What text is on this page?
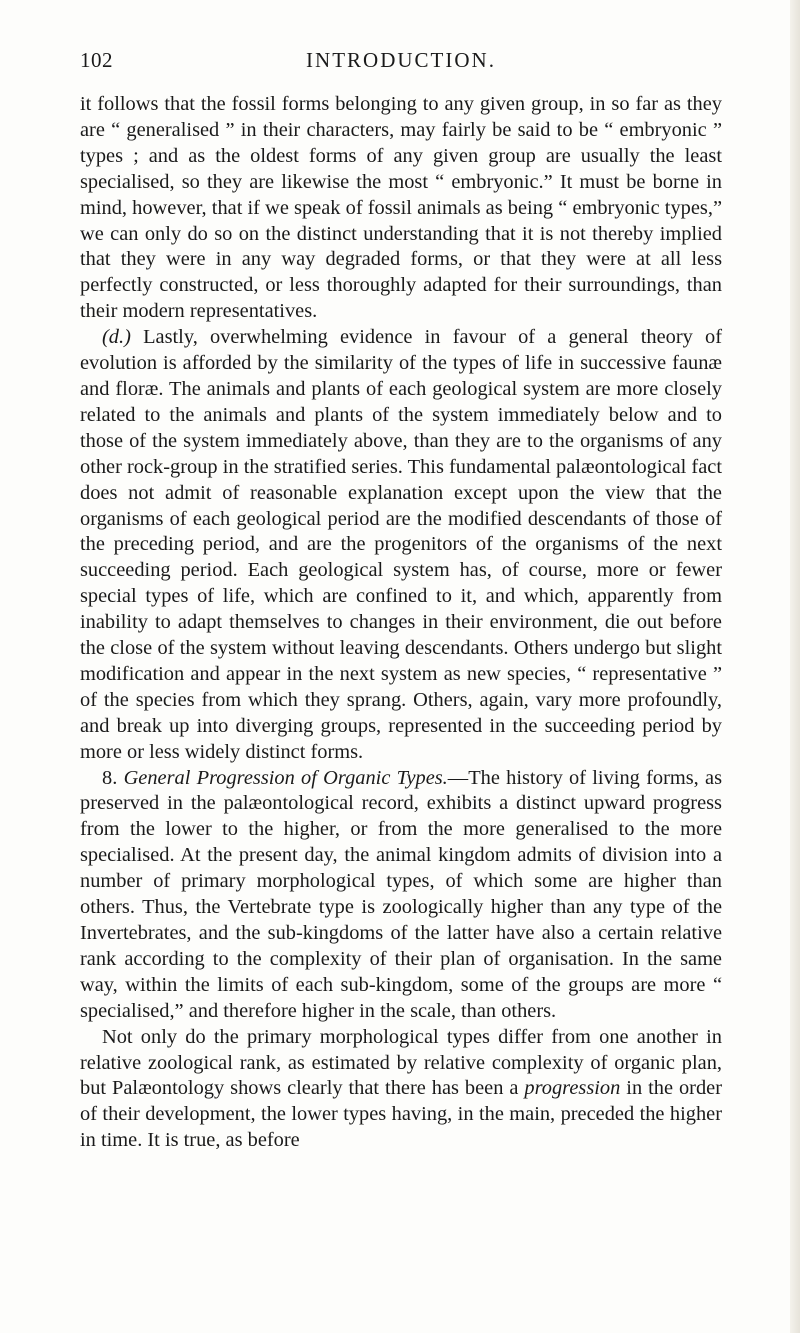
102	INTRODUCTION.

it follows that the fossil forms belonging to any given group, in so far as they are “ generalised ” in their characters, may fairly be said to be “ embryonic ” types ; and as the oldest forms of any given group are usually the least specialised, so they are likewise the most “ embryonic.” It must be borne in mind, however, that if we speak of fossil animals as being “ embryonic types,” we can only do so on the distinct understanding that it is not thereby implied that they were in any way degraded forms, or that they were at all less perfectly constructed, or less thoroughly adapted for their surroundings, than their modern representatives.

(d.) Lastly, overwhelming evidence in favour of a general theory of evolution is afforded by the similarity of the types of life in successive faunæ and floræ. The animals and plants of each geological system are more closely related to the animals and plants of the system immediately below and to those of the system immediately above, than they are to the organisms of any other rock-group in the stratified series. This fundamental palæontological fact does not admit of reasonable explanation except upon the view that the organisms of each geological period are the modified descendants of those of the preceding period, and are the progenitors of the organisms of the next succeeding period. Each geological system has, of course, more or fewer special types of life, which are confined to it, and which, apparently from inability to adapt themselves to changes in their environment, die out before the close of the system without leaving descendants. Others undergo but slight modification and appear in the next system as new species, “ representative ” of the species from which they sprang. Others, again, vary more profoundly, and break up into diverging groups, represented in the succeeding period by more or less widely distinct forms.

8. General Progression of Organic Types.—The history of living forms, as preserved in the palæontological record, exhibits a distinct upward progress from the lower to the higher, or from the more generalised to the more specialised. At the present day, the animal kingdom admits of division into a number of primary morphological types, of which some are higher than others. Thus, the Vertebrate type is zoologically higher than any type of the Invertebrates, and the sub-kingdoms of the latter have also a certain relative rank according to the complexity of their plan of organisation. In the same way, within the limits of each sub-kingdom, some of the groups are more “ specialised,” and therefore higher in the scale, than others.

Not only do the primary morphological types differ from one another in relative zoological rank, as estimated by relative complexity of organic plan, but Palæontology shows clearly that there has been a progression in the order of their development, the lower types having, in the main, preceded the higher in time. It is true, as before
